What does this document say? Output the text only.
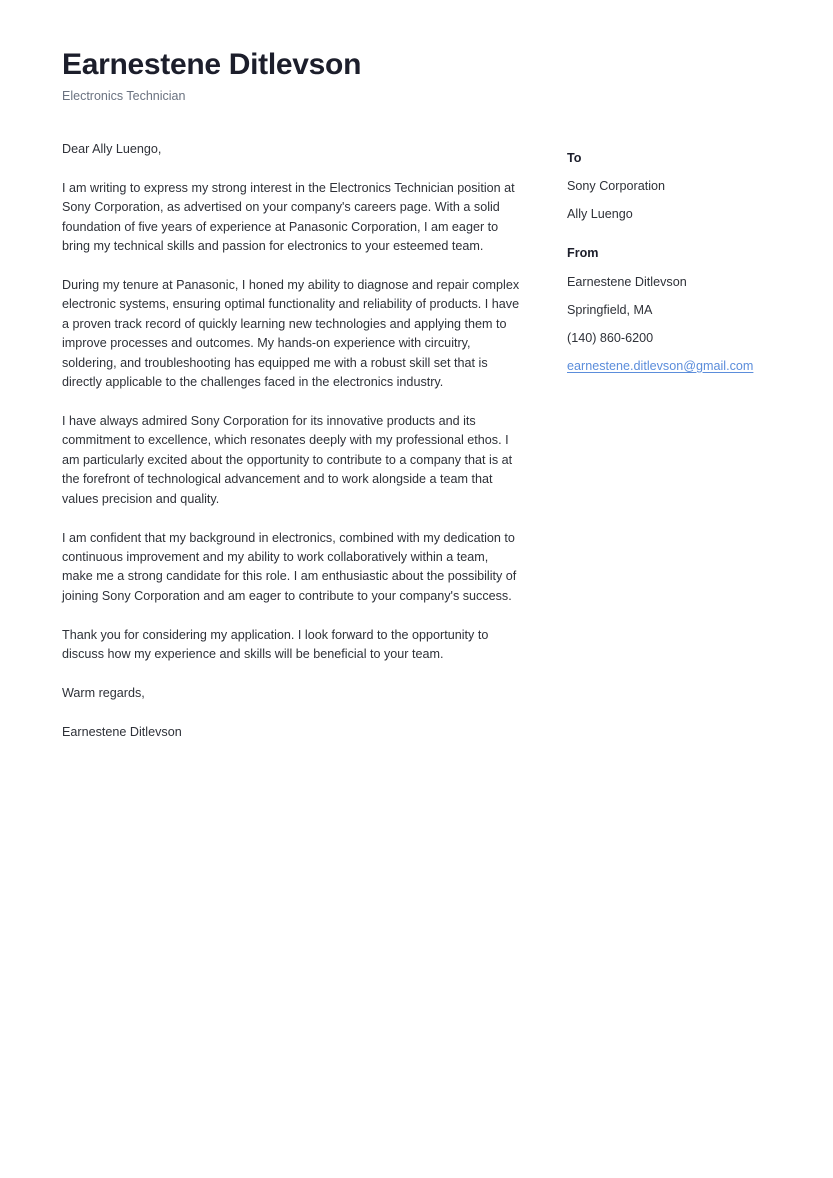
Earnestene Ditlevson
Electronics Technician

Dear Ally Luengo,

I am writing to express my strong interest in the Electronics Technician position at Sony Corporation, as advertised on your company's careers page. With a solid foundation of five years of experience at Panasonic Corporation, I am eager to bring my technical skills and passion for electronics to your esteemed team.

During my tenure at Panasonic, I honed my ability to diagnose and repair complex electronic systems, ensuring optimal functionality and reliability of products. I have a proven track record of quickly learning new technologies and applying them to improve processes and outcomes. My hands-on experience with circuitry, soldering, and troubleshooting has equipped me with a robust skill set that is directly applicable to the challenges faced in the electronics industry.

I have always admired Sony Corporation for its innovative products and its commitment to excellence, which resonates deeply with my professional ethos. I am particularly excited about the opportunity to contribute to a company that is at the forefront of technological advancement and to work alongside a team that values precision and quality.

I am confident that my background in electronics, combined with my dedication to continuous improvement and my ability to work collaboratively within a team, make me a strong candidate for this role. I am enthusiastic about the possibility of joining Sony Corporation and am eager to contribute to your company's success.

Thank you for considering my application. I look forward to the opportunity to discuss how my experience and skills will be beneficial to your team.

Warm regards,

Earnestene Ditlevson

To
Sony Corporation
Ally Luengo
From
Earnestene Ditlevson
Springfield, MA
(140) 860-6200
earnestene.ditlevson@gmail.com
